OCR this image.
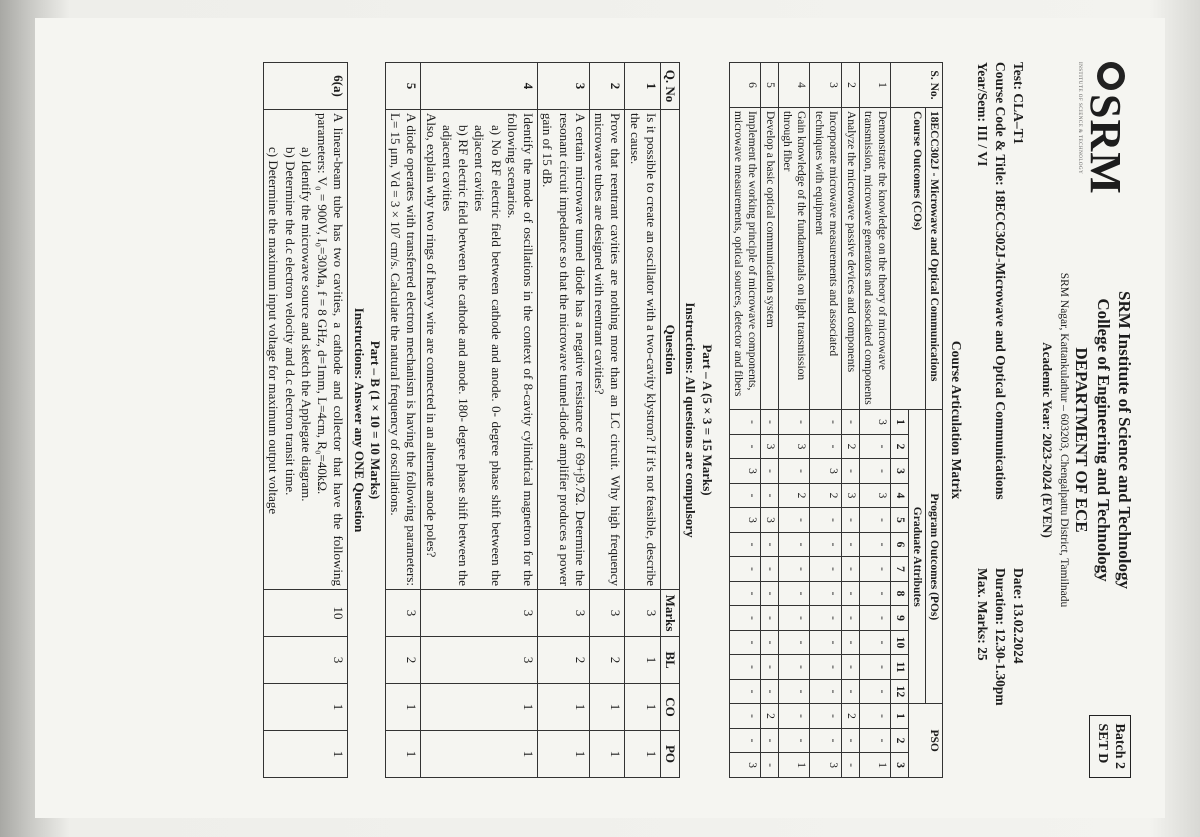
SRM
INSTITUTE OF SCIENCE & TECHNOLOGY
SRM Institute of Science and Technology
College of Engineering and Technology
DEPARTMENT OF ECE
SRM Nagar, Kattankulathur – 603203, Chengalpattu District, Tamilnadu
Academic Year: 2023-2024 (EVEN)
Batch 2
SET D
Test: CLA–T1
Course Code & Title: 18ECC302J-Microwave and Optical Communications
Year/Sem: III / VI
Date: 13.02.2024
Duration: 12.30-1.30pm
Max. Marks: 25
Course Articulation Matrix
S. No.	18ECC302J - Microwave and Optical Communications	Program Outcomes (POs)												PSO		
	Course Outcomes (COs)	Graduate Attributes														
		1	2	3	4	5	6	7	8	9	10	11	12	1	2	3
1	Demonstrate the knowledge on the theory of microwave transmission, microwave generators and associated components	3	-	-	3	-	-	-	-	-	-	-	-	-	-	1
2	Analyze the microwave passive devices and components	-	2	-	3	-	-	-	-	-	-	-	-	2	-	-
3	Incorporate microwave measurements and associated techniques with equipment	-	-	3	2	-	-	-	-	-	-	-	-	-	-	3
4	Gain knowledge of the fundamentals on light transmission through fiber	-	3	-	2	-	-	-	-	-	-	-	-	-	-	1
5	Develop a basic optical communication system	-	3	-	-	3	-	-	-	-	-	-	-	2	-	-
6	Implement the working principle of microwave components, microwave measurements, optical sources, detector and fibers	-	-	3	-	3	-	-	-	-	-	-	-	-	-	3
Part – A (5 × 3 = 15 Marks)
Instructions: All questions are compulsory
Q. No	Question	Marks	BL	CO	PO
1	Is it possible to create an oscillator with a two-cavity klystron? If it's not feasible, describe the cause.	3	1	1	1
2	Prove that reentrant cavities are nothing more than an LC circuit. Why high frequency microwave tubes are designed with reentrant cavities?	3	2	1	1
3	A certain microwave tunnel diode has a negative resistance of 69+j9.7Ω. Determine the resonant circuit impedance so that the microwave tunnel-diode amplifier produces a power gain of 15 dB.	3	2	1	1
4	Identify the mode of oscillations in the context of 8-cavity cylindrical magnetron for the following scenarios.
a) No RF electric field between cathode and anode. 0- degree phase shift between the adjacent cavities
b) RF electric field between the cathode and anode. 180- degree phase shift between the adjacent cavities
Also, explain why two rings of heavy wire are connected in an alternate anode poles?	3	3	1	1
5	A diode operates with transferred electron mechanism is having the following parameters: L= 15 μm, Vd = 3 × 10⁷ cm/s. Calculate the natural frequency of oscillations.	3	2	1	1
Part – B (1 × 10 = 10 Marks)
Instructions: Answer any ONE Question
6(a)	
A linear-beam tube has two cavities, a cathode and collector that have the following parameters: V₀ = 900V, I₀=30Ma, f = 8 GHz, d=1mm, L=4cm, R₀=40kΩ.
a) Identify the microwave source and sketch the Applegate diagram.
b) Determine the d.c electron velocity and d.c electron transit time.
c) Determine the maximum input voltage for maximum output voltage
	10	3	1	1
